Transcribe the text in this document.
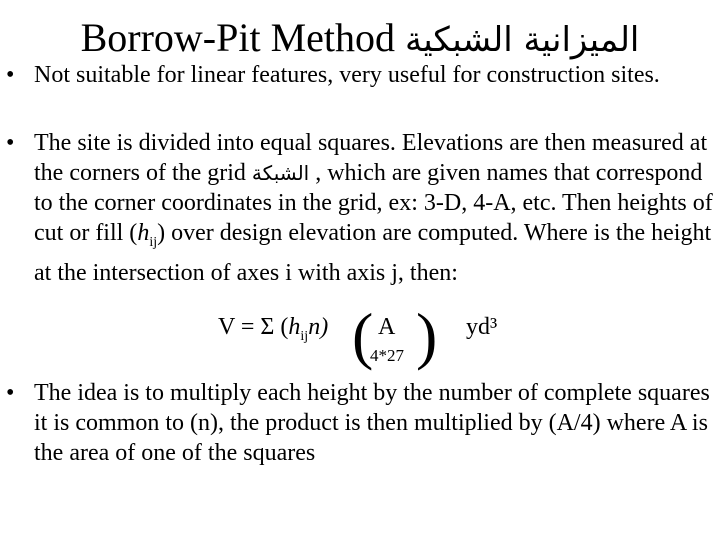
Borrow-Pit Method الميزانية الشبكية
• Not suitable for linear features, very useful for construction sites.

• The site is divided into equal squares. Elevations are then measured at the corners of the grid الشبكة , which are given names that correspond to the corner coordinates in the grid, ex: 3-D, 4-A, etc. Then heights of cut or fill $(h_{ij})$ over design elevation are computed. Where is the height at the intersection of axes i with axis j, then:

V = Σ $(h_{ij}n)$ ( A
4*27 ) yd³
• The idea is to multiply each height by the number of complete squares it is common to (n), the product is then multiplied by (A/4) where A is the area of one of the squares
